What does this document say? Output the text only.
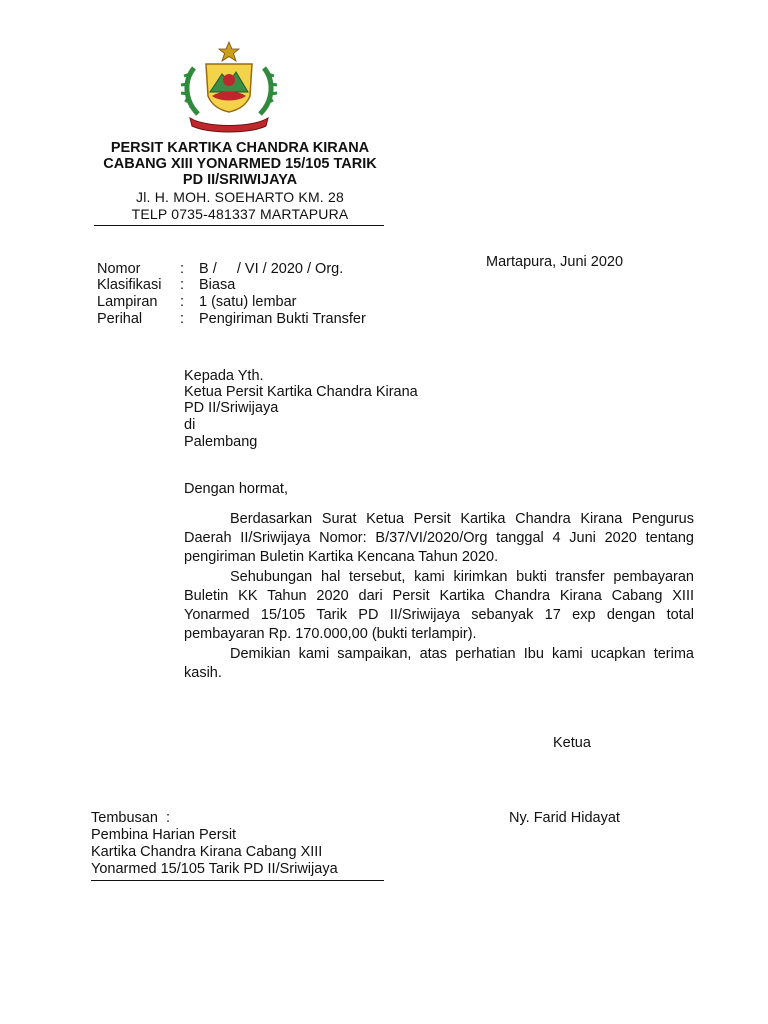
PERSIT KARTIKA CHANDRA KIRANA
CABANG XIII YONARMED 15/105 TARIK
PD II/SRIWIJAYA
Jl. H. MOH. SOEHARTO KM. 28
TELP 0735-481337 MARTAPURA
Martapura, Juni 2020
Nomor	: B /     / VI / 2020 / Org.
Klasifikasi : Biasa
Lampiran : 1 (satu) lembar
Perihal	: Pengiriman Bukti Transfer
Kepada Yth.
Ketua Persit Kartika Chandra Kirana
PD II/Sriwijaya
di
Palembang
Dengan hormat,
Berdasarkan Surat Ketua Persit Kartika Chandra Kirana Pengurus
Daerah II/Sriwijaya Nomor: B/37/VI/2020/Org tanggal 4 Juni 2020 tentang
pengiriman Buletin Kartika Kencana Tahun 2020.
Sehubungan hal tersebut, kami kirimkan bukti transfer pembayaran
Buletin KK Tahun 2020 dari Persit Kartika Chandra Kirana Cabang XIII
Yonarmed 15/105 Tarik PD II/Sriwijaya sebanyak 17 exp dengan total
pembayaran Rp. 170.000,00 (bukti terlampir).
Demikian kami sampaikan, atas perhatian Ibu kami ucapkan terima
kasih.
Ketua
Ny. Farid Hidayat
Tembusan  :
Pembina Harian Persit
Kartika Chandra Kirana Cabang XIII
Yonarmed 15/105 Tarik PD II/Sriwijaya
